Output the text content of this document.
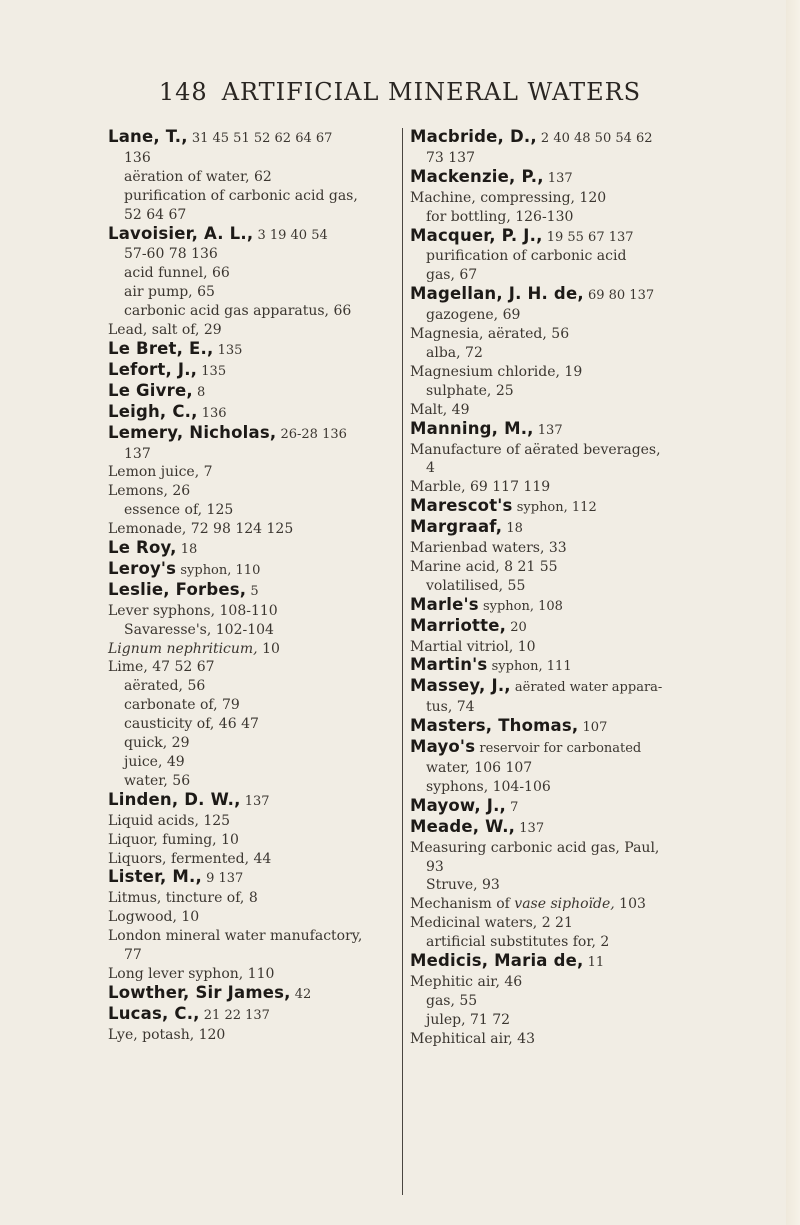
148 ARTIFICIAL MINERAL WATERS
Lane, T., 31 45 51 52 62 64 67
136
aëration of water, 62
purification of carbonic acid gas,
52 64 67
Lavoisier, A. L., 3 19 40 54
57-60 78 136
acid funnel, 66
air pump, 65
carbonic acid gas apparatus, 66
Lead, salt of, 29
Le Bret, E., 135
Lefort, J., 135
Le Givre, 8
Leigh, C., 136
Lemery, Nicholas, 26-28 136
137
Lemon juice, 7
Lemons, 26
essence of, 125
Lemonade, 72 98 124 125
Le Roy, 18
Leroy's syphon, 110
Leslie, Forbes, 5
Lever syphons, 108-110
Savaresse's, 102-104
Lignum nephriticum, 10
Lime, 47 52 67
aërated, 56
carbonate of, 79
causticity of, 46 47
quick, 29
juice, 49
water, 56
Linden, D. W., 137
Liquid acids, 125
Liquor, fuming, 10
Liquors, fermented, 44
Lister, M., 9 137
Litmus, tincture of, 8
Logwood, 10
London mineral water manufactory,
77
Long lever syphon, 110
Lowther, Sir James, 42
Lucas, C., 21 22 137
Lye, potash, 120
Macbride, D., 2 40 48 50 54 62
73 137
Mackenzie, P., 137
Machine, compressing, 120
for bottling, 126-130
Macquer, P. J., 19 55 67 137
purification of carbonic acid
gas, 67
Magellan, J. H. de, 69 80 137
gazogene, 69
Magnesia, aërated, 56
alba, 72
Magnesium chloride, 19
sulphate, 25
Malt, 49
Manning, M., 137
Manufacture of aërated beverages,
4
Marble, 69 117 119
Marescot's syphon, 112
Margraaf, 18
Marienbad waters, 33
Marine acid, 8 21 55
volatilised, 55
Marle's syphon, 108
Marriotte, 20
Martial vitriol, 10
Martin's syphon, 111
Massey, J., aërated water appara-
tus, 74
Masters, Thomas, 107
Mayo's reservoir for carbonated
water, 106 107
syphons, 104-106
Mayow, J., 7
Meade, W., 137
Measuring carbonic acid gas, Paul,
93
Struve, 93
Mechanism of vase siphoïde, 103
Medicinal waters, 2 21
artificial substitutes for, 2
Medicis, Maria de, 11
Mephitic air, 46
gas, 55
julep, 71 72
Mephitical air, 43
